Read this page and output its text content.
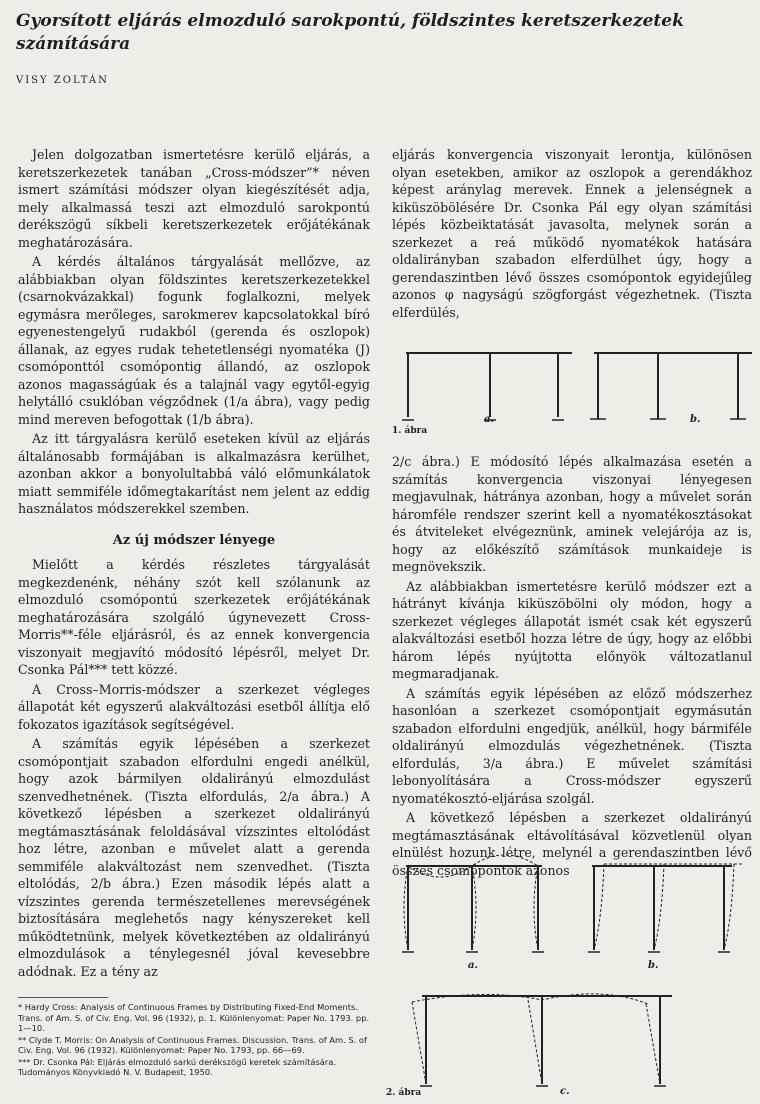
Gyorsított eljárás elmozduló sarokpontú, földszintes keretszerkezetek számítására
VISY ZOLTÁN

Jelen dolgozatban ismertetésre kerülő eljárás, a keretszerkezetek tanában „Cross-módszer”* néven ismert számítási módszer olyan kiegészítését adja, mely alkalmassá teszi azt elmozduló sarokpontú derékszögű síkbeli keretszerkezetek erőjátékának meghatározására.

A kérdés általános tárgyalását mellőzve, az alábbiakban olyan földszintes keretszerkezetekkel (csarnokvázakkal) fogunk foglalkozni, melyek egymásra merőleges, sarokmerev kapcsolatokkal bíró egyenestengelyű rudakból (gerenda és oszlopok) állanak, az egyes rudak tehetetlenségi nyomatéka (J) csomóponttól csomópontig állandó, az oszlopok azonos magasságúak és a talajnál vagy egytől-egyig helytálló csuklóban végződnek (1/a ábra), vagy pedig mind mereven befogottak (1/b ábra).

Az itt tárgyalásra kerülő eseteken kívül az eljárás általánosabb formájában is alkalmazásra kerülhet, azonban akkor a bonyolultabbá váló előmunkálatok miatt semmiféle időmegtakarítást nem jelent az eddig használatos módszerekkel szemben.

Az új módszer lényege

Mielőtt a kérdés részletes tárgyalását megkezdenénk, néhány szót kell szólanunk az elmozduló csomópontú szerkezetek erőjátékának meghatározására szolgáló úgynevezett Cross-Morris**-féle eljárásról, és az ennek konvergencia viszonyait megjavító módosító lépésről, melyet Dr. Csonka Pál*** tett közzé.

A Cross–Morris-módszer a szerkezet végleges állapotát két egyszerű alakváltozási esetből állítja elő fokozatos igazítások segítségével.

A számítás egyik lépésében a szerkezet csomópontjait szabadon elfordulni engedi anélkül, hogy azok bármilyen oldalirányú elmozdulást szenvedhetnének. (Tiszta elfordulás, 2/a ábra.) A következő lépésben a szerkezet oldalirányú megtámasztásának feloldásával vízszintes eltolódást hoz létre, azonban e művelet alatt a gerenda semmiféle alakváltozást nem szenvedhet. (Tiszta eltolódás, 2/b ábra.) Ezen második lépés alatt a vízszintes gerenda természetellenes merevségének biztosítására meglehetős nagy kényszereket kell működtetnünk, melyek következtében az oldalirányú elmozdulások a ténylegesnél jóval kevesebbre adódnak. Ez a tény az

eljárás konvergencia viszonyait lerontja, különösen olyan esetekben, amikor az oszlopok a gerendákhoz képest aránylag merevek. Ennek a jelenségnek a kiküszöbölésére Dr. Csonka Pál egy olyan számítási lépés közbeiktatását javasolta, melynek során a szerkezet a reá működő nyomatékok hatására oldalirányban szabadon elferdülhet úgy, hogy a gerendaszintben lévő összes csomópontok egyidejűleg azonos φ nagyságú szögforgást végezhetnek. (Tiszta elferdülés,

1. ábra
a.	b.

2/c ábra.) E módosító lépés alkalmazása esetén a számítás konvergencia viszonyai lényegesen megjavulnak, hátránya azonban, hogy a művelet során háromféle rendszer szerint kell a nyomatékosztásokat és átviteleket elvégeznünk, aminek velejárója az is, hogy az előkészítő számítások munkaideje is megnövekszik.

Az alábbiakban ismertetésre kerülő módszer ezt a hátrányt kívánja kiküszöbölni oly módon, hogy a szerkezet végleges állapotát ismét csak két egyszerű alakváltozási esetből hozza létre de úgy, hogy az előbbi három lépés nyújtotta előnyök változatlanul megmaradjanak.

A számítás egyik lépésében az előző módszerhez hasonlóan a szerkezet csomópontjait egymásután szabadon elfordulni engedjük, anélkül, hogy bármiféle oldalirányú elmozdulás végezhetnének. (Tiszta elfordulás, 3/a ábra.) E művelet számítási lebonyolítására a Cross-módszer egyszerű nyomatékosztó-eljárása szolgál.

A következő lépésben a szerkezet oldalirányú megtámasztásának eltávolításával közvetlenül olyan elnülést hozunk létre, melynél a gerendaszintben lévő összes csomópontok azonos

a.	b.
c.
2. ábra

* Hardy Cross: Analysis of Continuous Frames by Distributing Fixed-End Moments. Trans. of Am. S. of Civ. Eng. Vol. 96 (1932), p. 1. Különlenyomat: Paper No. 1793. pp. 1—10.

** Clyde T. Morris: On Analysis of Continuous Frames. Discussion. Trans. of Am. S. of Civ. Eng. Vol. 96 (1932). Különlenyomat: Paper No. 1793, pp. 66—69.

*** Dr. Csonka Pál: Eljárás elmozduló sarkú derékszögű keretek számítására. Tudományos Könyvkiadó N. V. Budapest, 1950.
